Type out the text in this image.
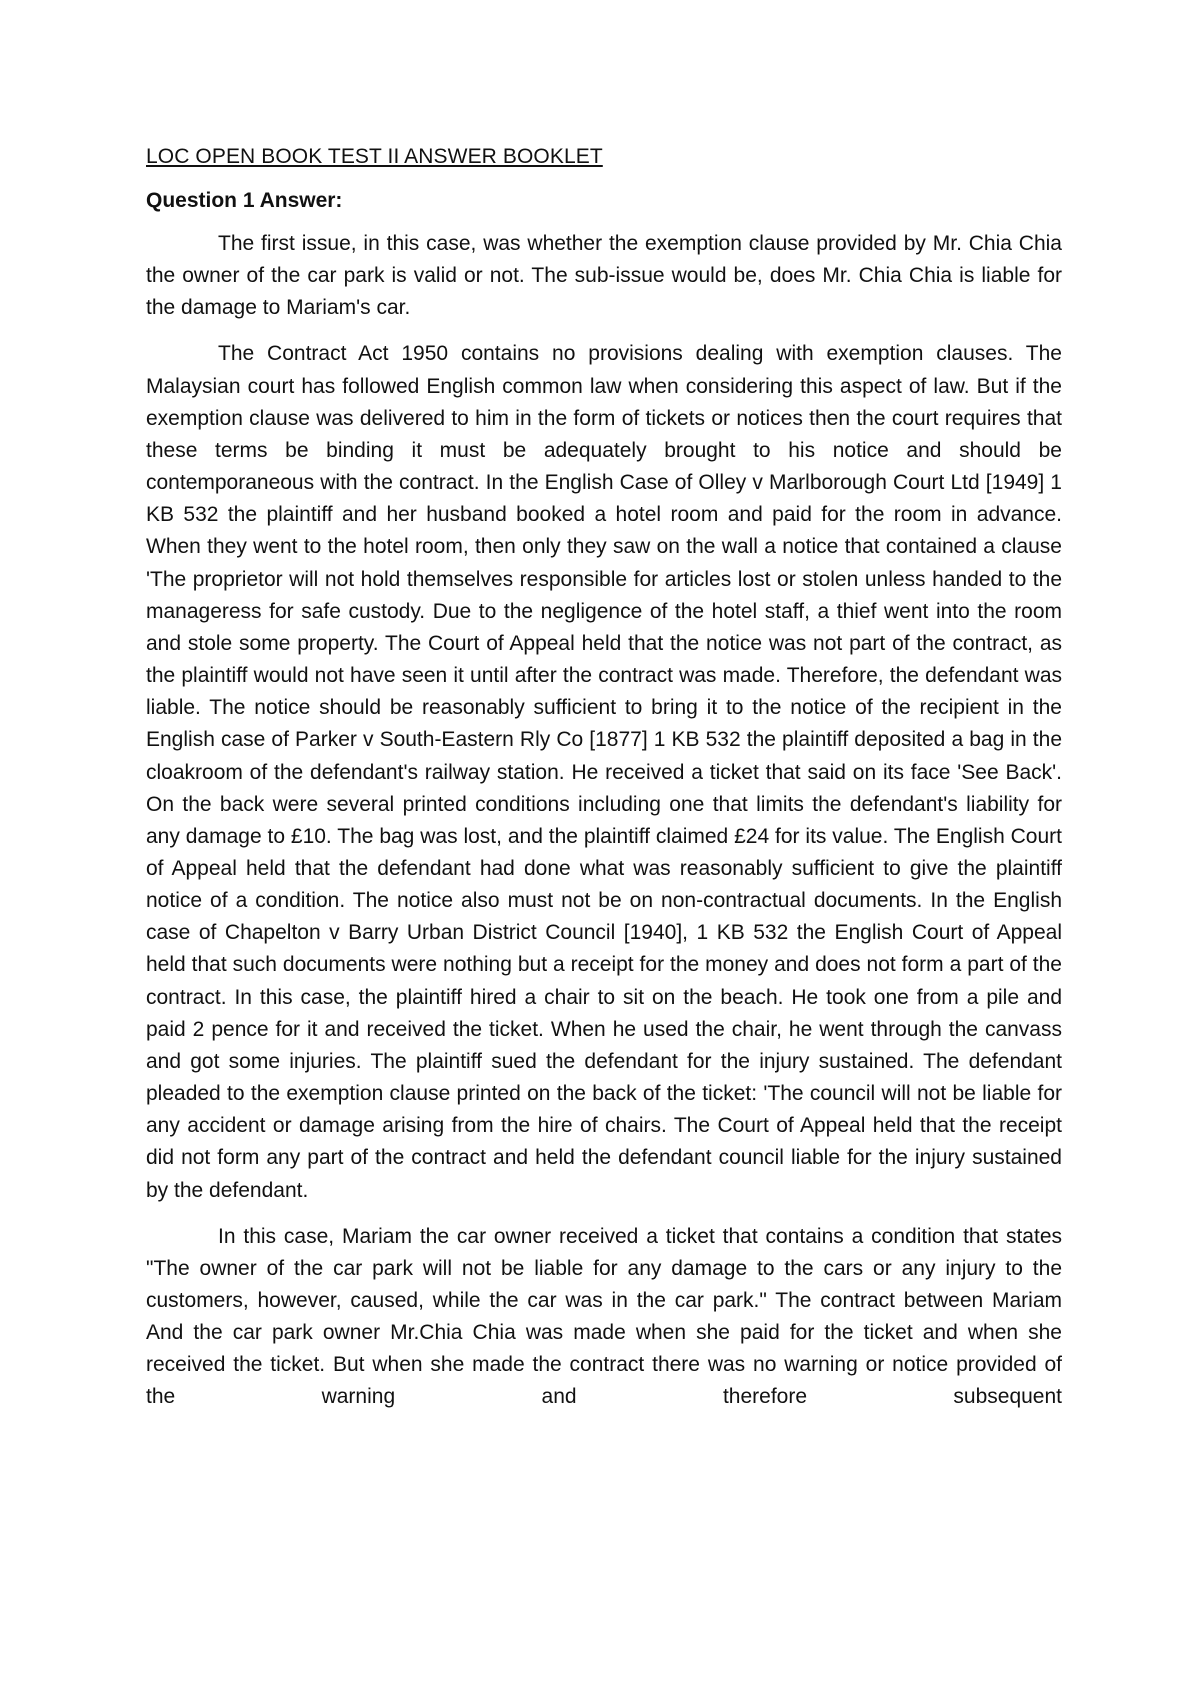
LOC OPEN BOOK TEST II ANSWER BOOKLET
Question 1 Answer:

The first issue, in this case, was whether the exemption clause provided by Mr. Chia Chia the owner of the car park is valid or not. The sub-issue would be, does Mr. Chia Chia is liable for the damage to Mariam's car.

The Contract Act 1950 contains no provisions dealing with exemption clauses. The Malaysian court has followed English common law when considering this aspect of law. But if the exemption clause was delivered to him in the form of tickets or notices then the court requires that these terms be binding it must be adequately brought to his notice and should be contemporaneous with the contract. In the English Case of Olley v Marlborough Court Ltd [1949] 1 KB 532 the plaintiff and her husband booked a hotel room and paid for the room in advance. When they went to the hotel room, then only they saw on the wall a notice that contained a clause 'The proprietor will not hold themselves responsible for articles lost or stolen unless handed to the manageress for safe custody. Due to the negligence of the hotel staff, a thief went into the room and stole some property. The Court of Appeal held that the notice was not part of the contract, as the plaintiff would not have seen it until after the contract was made. Therefore, the defendant was liable. The notice should be reasonably sufficient to bring it to the notice of the recipient in the English case of Parker v South-Eastern Rly Co [1877] 1 KB 532 the plaintiff deposited a bag in the cloakroom of the defendant's railway station. He received a ticket that said on its face 'See Back'. On the back were several printed conditions including one that limits the defendant's liability for any damage to £10. The bag was lost, and the plaintiff claimed £24 for its value. The English Court of Appeal held that the defendant had done what was reasonably sufficient to give the plaintiff notice of a condition. The notice also must not be on non-contractual documents. In the English case of Chapelton v Barry Urban District Council [1940], 1 KB 532 the English Court of Appeal held that such documents were nothing but a receipt for the money and does not form a part of the contract. In this case, the plaintiff hired a chair to sit on the beach. He took one from a pile and paid 2 pence for it and received the ticket. When he used the chair, he went through the canvass and got some injuries. The plaintiff sued the defendant for the injury sustained. The defendant pleaded to the exemption clause printed on the back of the ticket: 'The council will not be liable for any accident or damage arising from the hire of chairs. The Court of Appeal held that the receipt did not form any part of the contract and held the defendant council liable for the injury sustained by the defendant.

In this case, Mariam the car owner received a ticket that contains a condition that states "The owner of the car park will not be liable for any damage to the cars or any injury to the customers, however, caused, while the car was in the car park." The contract between Mariam And the car park owner Mr.Chia Chia was made when she paid for the ticket and when she received the ticket. But when she made the contract there was no warning or notice provided of the warning and therefore subsequent
